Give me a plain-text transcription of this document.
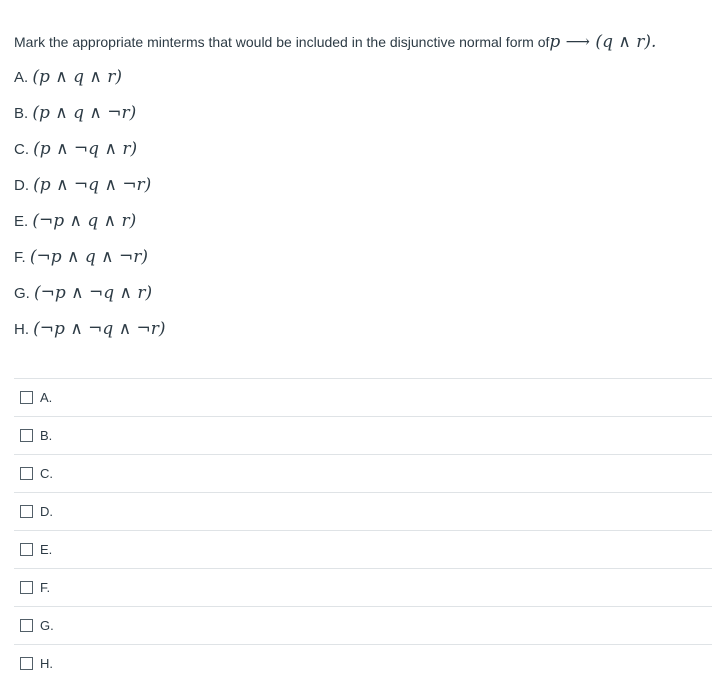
Mark the appropriate minterms that would be included in the disjunctive normal form ofp ⟶ (q ∧ r).
A. (p ∧ q ∧ r)
B. (p ∧ q ∧ ¬r)
C. (p ∧ ¬q ∧ r)
D. (p ∧ ¬q ∧ ¬r)
E. (¬p ∧ q ∧ r)
F. (¬p ∧ q ∧ ¬r)
G. (¬p ∧ ¬q ∧ r)
H. (¬p ∧ ¬q ∧ ¬r)
A.
B.
C.
D.
E.
F.
G.
H.
